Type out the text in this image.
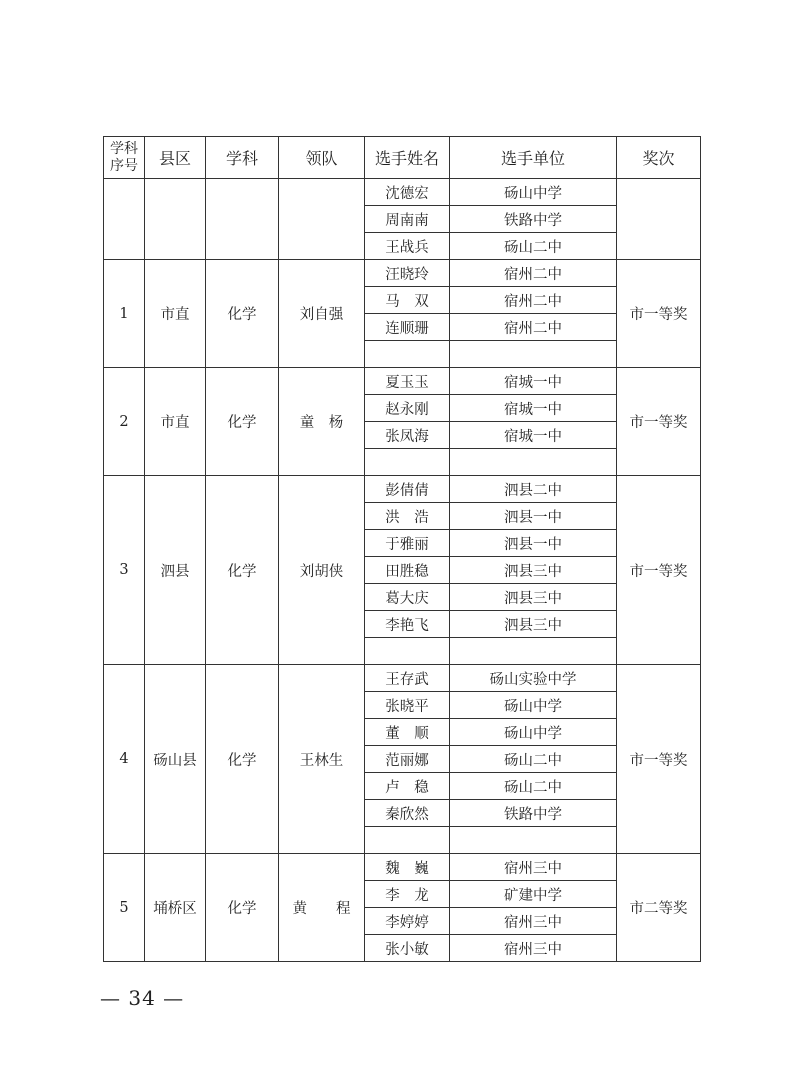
学科
序号	县区	学科	领队	选手姓名	选手单位	奖次
				沈德宏	砀山中学	
				周南南	铁路中学	
				王战兵	砀山二中	
1	市直	化学	刘自强	汪晓玲	宿州二中	市一等奖
				马　双	宿州二中	
				连顺珊	宿州二中	

2	市直	化学	童　杨	夏玉玉	宿城一中	市一等奖
				赵永刚	宿城一中	
				张凤海	宿城一中	

3	泗县	化学	刘胡侠	彭倩倩	泗县二中	市一等奖
				洪　浩	泗县一中	
				于雅丽	泗县一中	
				田胜稳	泗县三中	
				葛大庆	泗县三中	
				李艳飞	泗县三中	

4	砀山县	化学	王林生	王存武	砀山实验中学	市一等奖
				张晓平	砀山中学	
				董　顺	砀山中学	
				范丽娜	砀山二中	
				卢　稳	砀山二中	
				秦欣然	铁路中学	

5	埇桥区	化学	黄　　程	魏　巍	宿州三中	市二等奖
				李　龙	矿建中学	
				李婷婷	宿州三中	
				张小敏	宿州三中	
— 34 —
